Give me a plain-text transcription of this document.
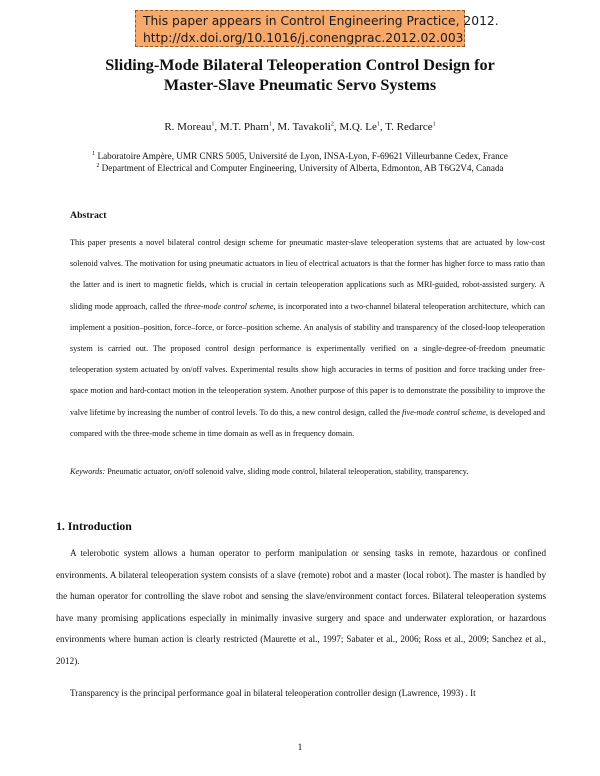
This paper appears in Control Engineering Practice, 2012.
http://dx.doi.org/10.1016/j.conengprac.2012.02.003
Sliding-Mode Bilateral Teleoperation Control Design for
Master-Slave Pneumatic Servo Systems
R. Moreau$^1$, M.T. Pham$^1$, M. Tavakoli$^2$, M.Q. Le$^1$, T. Redarce$^1$
$^1$ Laboratoire Ampère, UMR CNRS 5005, Université de Lyon, INSA-Lyon, F-69621 Villeurbanne Cedex, France
$^2$ Department of Electrical and Computer Engineering, University of Alberta, Edmonton, AB T6G2V4, Canada
Abstract

This paper presents a novel bilateral control design scheme for pneumatic master-slave teleoperation systems that are actuated by low-cost solenoid valves. The motivation for using pneumatic actuators in lieu of electrical actuators is that the former has higher force to mass ratio than the latter and is inert to magnetic fields, which is crucial in certain teleoperation applications such as MRI-guided, robot-assisted surgery. A sliding mode approach, called the three-mode control scheme, is incorporated into a two-channel bilateral teleoperation architecture, which can implement a position–position, force–force, or force–position scheme. An analysis of stability and transparency of the closed-loop teleoperation system is carried out. The proposed control design performance is experimentally verified on a single-degree-of-freedom pneumatic teleoperation system actuated by on/off valves. Experimental results show high accuracies in terms of position and force tracking under free-space motion and hard-contact motion in the teleoperation system. Another purpose of this paper is to demonstrate the possibility to improve the valve lifetime by increasing the number of control levels. To do this, a new control design, called the five-mode control scheme, is developed and compared with the three-mode scheme in time domain as well as in frequency domain.

Keywords: Pneumatic actuator, on/off solenoid valve, sliding mode control, bilateral teleoperation, stability, transparency.
1. Introduction

A telerobotic system allows a human operator to perform manipulation or sensing tasks in remote, hazardous or confined environments. A bilateral teleoperation system consists of a slave (remote) robot and a master (local robot). The master is handled by the human operator for controlling the slave robot and sensing the slave/environment contact forces. Bilateral teleoperation systems have many promising applications especially in minimally invasive surgery and space and underwater exploration, or hazardous environments where human action is clearly restricted (Maurette et al., 1997; Sabater et al., 2006; Ross et al., 2009; Sanchez et al., 2012).

Transparency is the principal performance goal in bilateral teleoperation controller design (Lawrence, 1993) . It

1
